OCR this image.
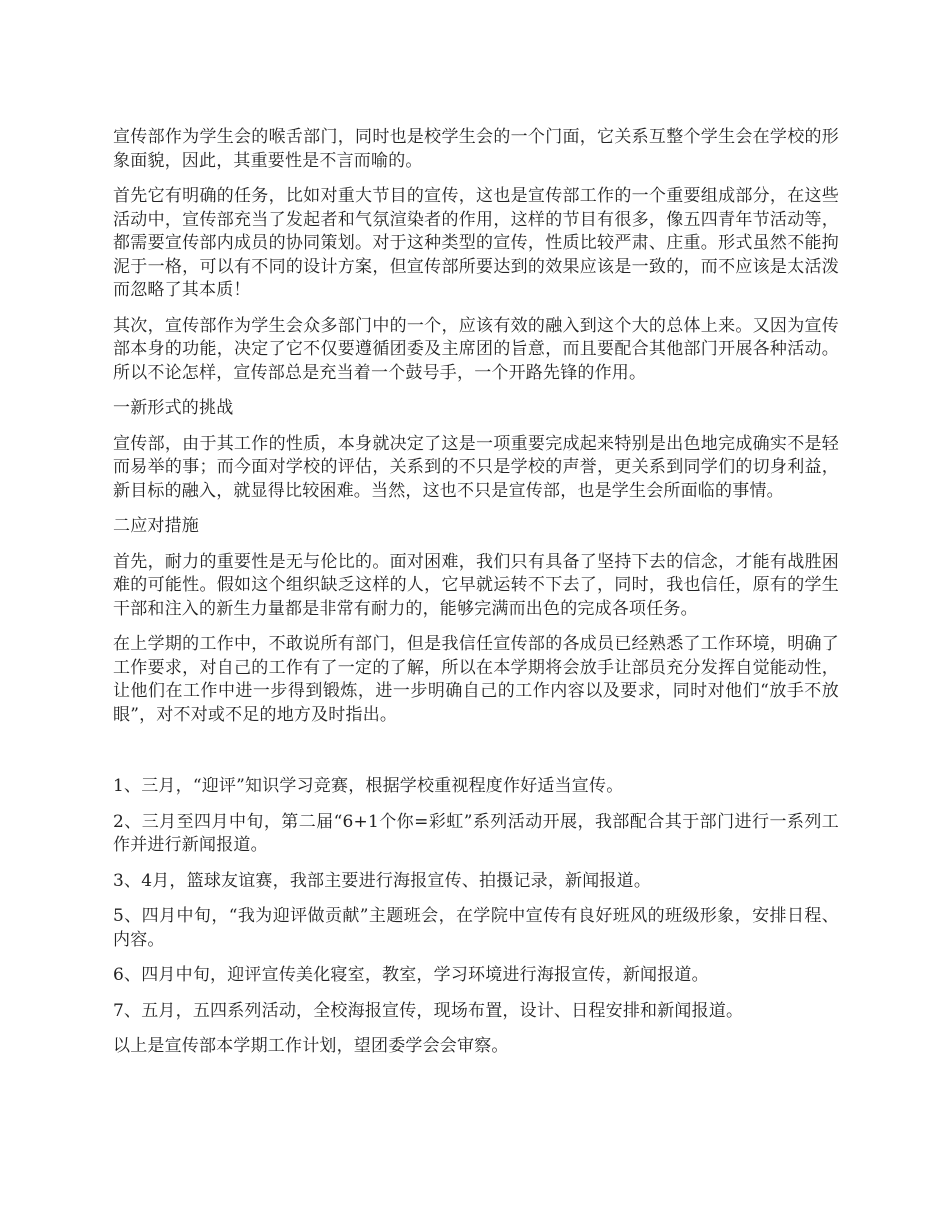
宣传部作为学生会的喉舌部门，同时也是校学生会的一个门面，它关系互整个学生会在学校的形象面貌，因此，其重要性是不言而喻的。

首先它有明确的任务，比如对重大节目的宣传，这也是宣传部工作的一个重要组成部分，在这些活动中，宣传部充当了发起者和气氛渲染者的作用，这样的节目有很多，像五四青年节活动等，都需要宣传部内成员的协同策划。对于这种类型的宣传，性质比较严肃、庄重。形式虽然不能拘泥于一格，可以有不同的设计方案，但宣传部所要达到的效果应该是一致的，而不应该是太活泼而忽略了其本质！

其次，宣传部作为学生会众多部门中的一个，应该有效的融入到这个大的总体上来。又因为宣传部本身的功能，决定了它不仅要遵循团委及主席团的旨意，而且要配合其他部门开展各种活动。所以不论怎样，宣传部总是充当着一个鼓号手，一个开路先锋的作用。

一新形式的挑战

宣传部，由于其工作的性质，本身就决定了这是一项重要完成起来特别是出色地完成确实不是轻而易举的事；而今面对学校的评估，关系到的不只是学校的声誉，更关系到同学们的切身利益，新目标的融入，就显得比较困难。当然，这也不只是宣传部，也是学生会所面临的事情。

二应对措施

首先，耐力的重要性是无与伦比的。面对困难，我们只有具备了坚持下去的信念，才能有战胜困难的可能性。假如这个组织缺乏这样的人，它早就运转不下去了，同时，我也信任，原有的学生干部和注入的新生力量都是非常有耐力的，能够完满而出色的完成各项任务。

在上学期的工作中，不敢说所有部门，但是我信任宣传部的各成员已经熟悉了工作环境，明确了工作要求，对自己的工作有了一定的了解，所以在本学期将会放手让部员充分发挥自觉能动性，让他们在工作中进一步得到锻炼，进一步明确自己的工作内容以及要求，同时对他们“放手不放眼”，对不对或不足的地方及时指出。

1、三月，“迎评”知识学习竞赛，根据学校重视程度作好适当宣传。

2、三月至四月中旬，第二届“6+1个你=彩虹”系列活动开展，我部配合其于部门进行一系列工作并进行新闻报道。

3、4月，篮球友谊赛，我部主要进行海报宣传、拍摄记录，新闻报道。

5、四月中旬，“我为迎评做贡献”主题班会，在学院中宣传有良好班风的班级形象，安排日程、内容。

6、四月中旬，迎评宣传美化寝室，教室，学习环境进行海报宣传，新闻报道。

7、五月，五四系列活动，全校海报宣传，现场布置，设计、日程安排和新闻报道。

以上是宣传部本学期工作计划，望团委学会会审察。
